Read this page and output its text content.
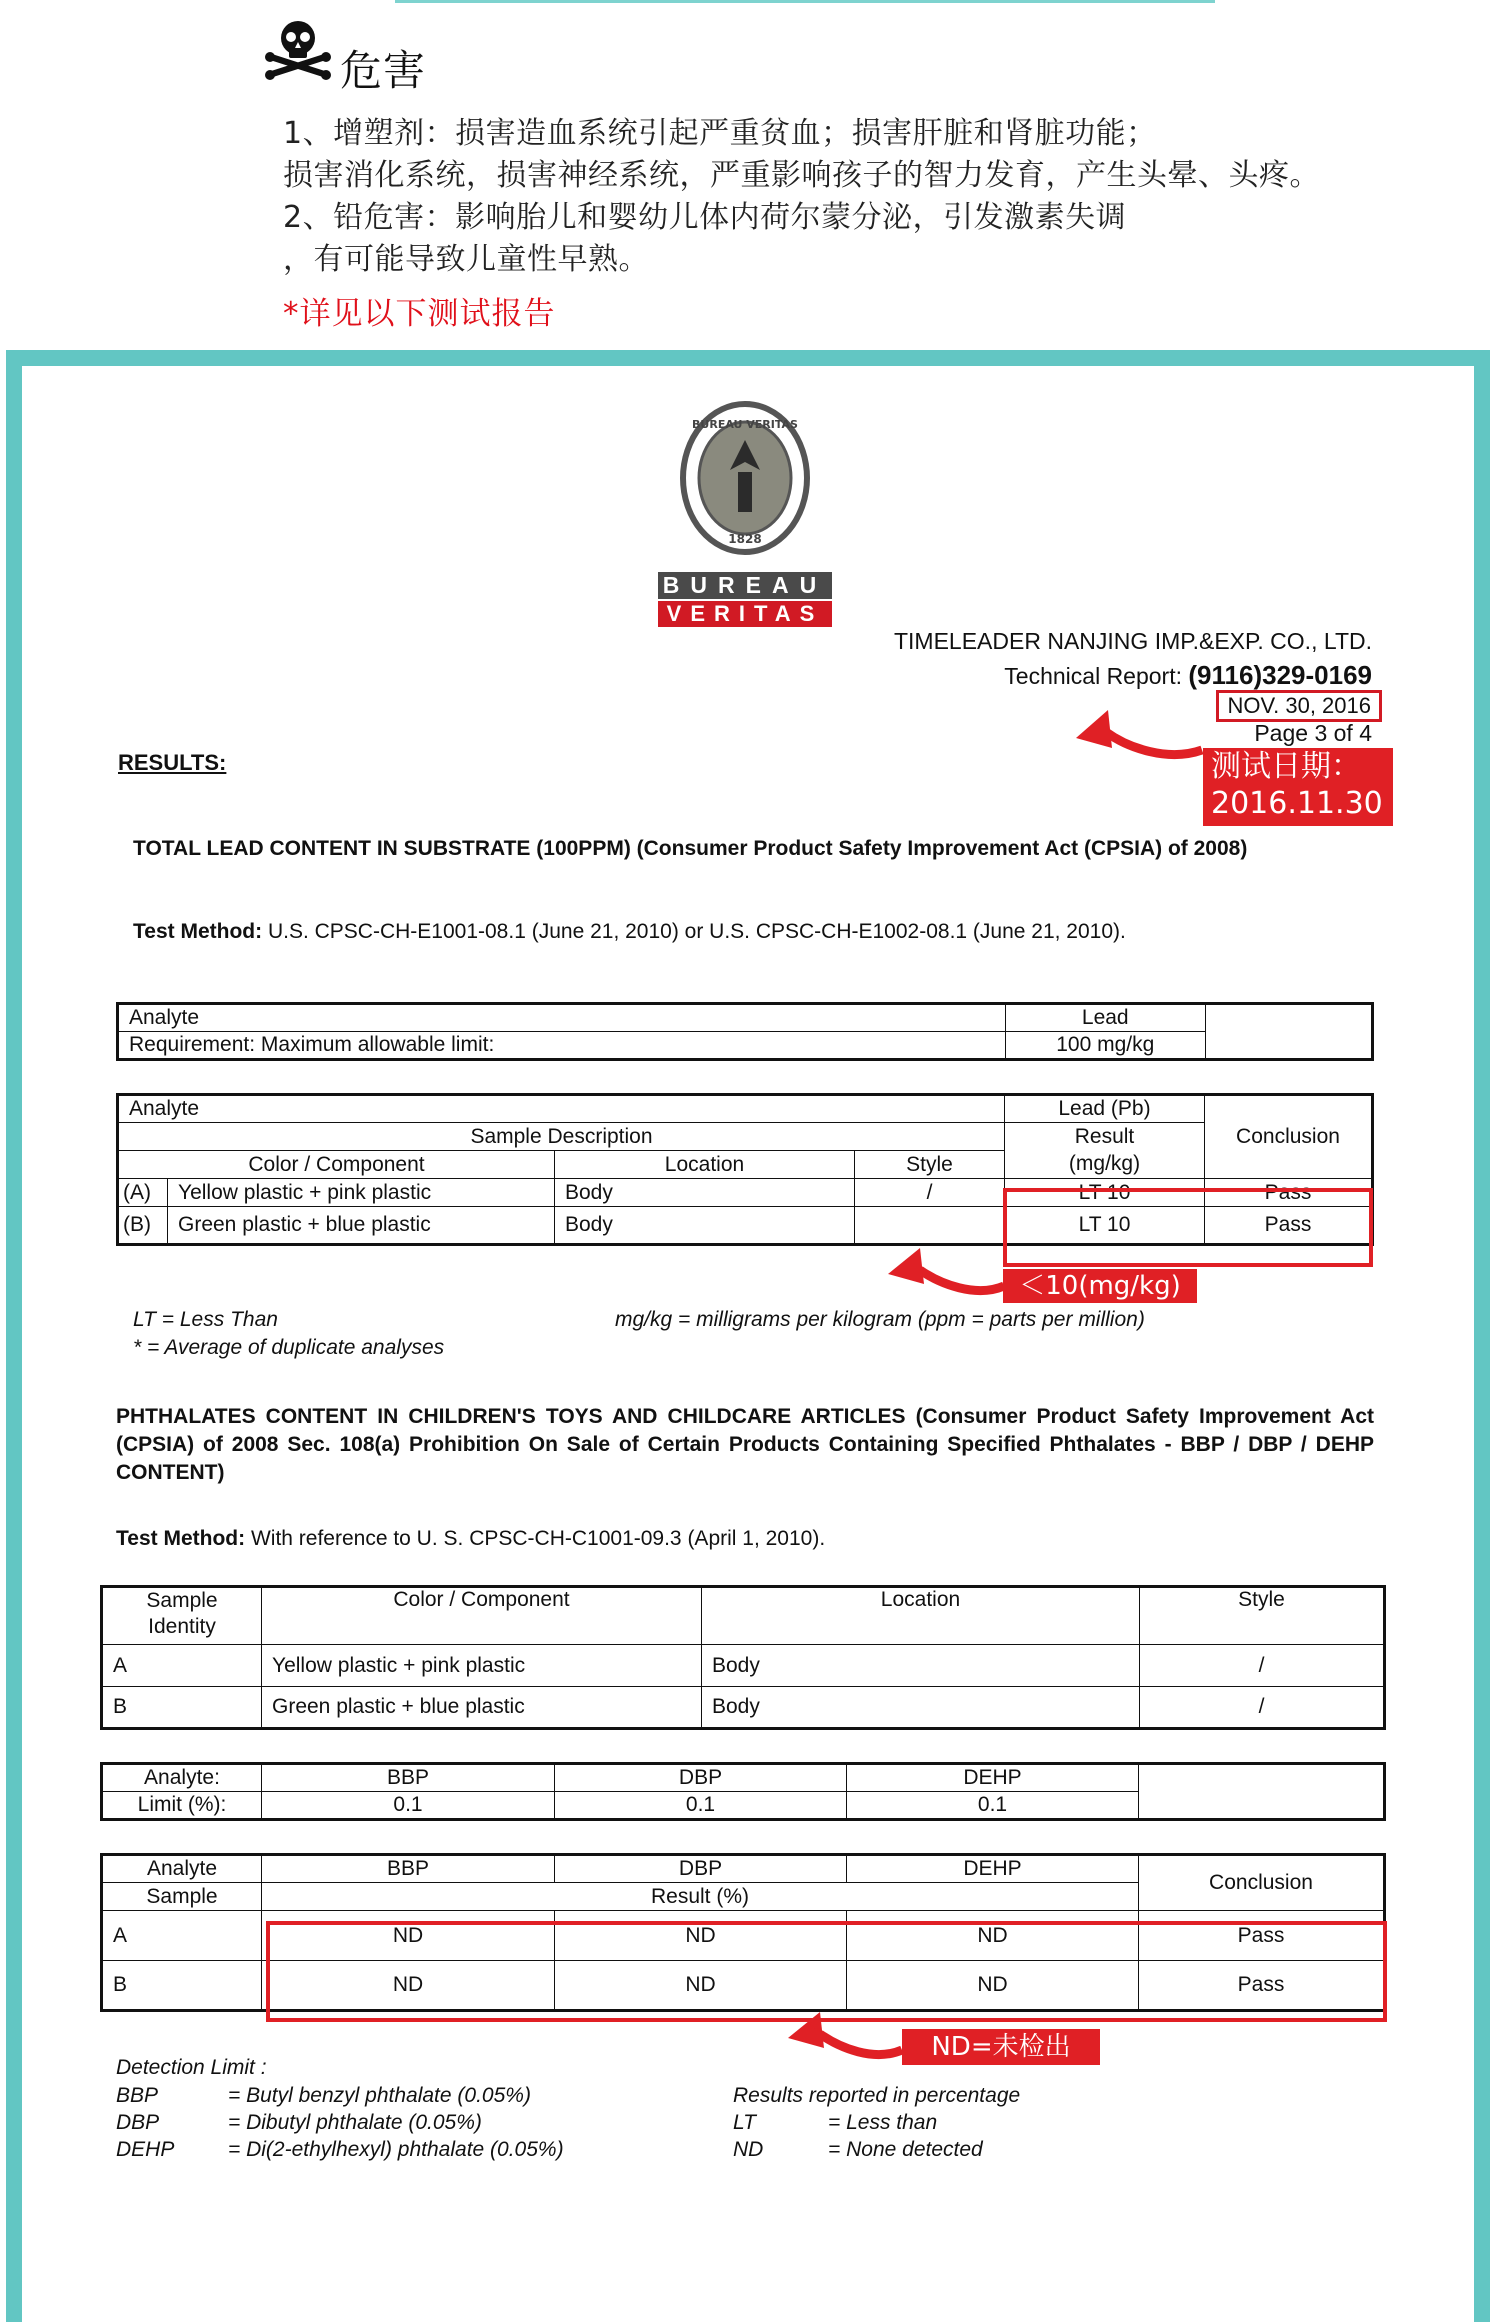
危害
1、增塑剂：损害造血系统引起严重贫血；损害肝脏和肾脏功能；
损害消化系统，损害神经系统，严重影响孩子的智力发育，产生头晕、头疼。
2、铅危害：影响胎儿和婴幼儿体内荷尔蒙分泌，引发激素失调
，有可能导致儿童性早熟。
*详见以下测试报告
BUREAU VERITAS
1828
BUREAU
VERITAS
TIMELEADER NANJING IMP.&EXP. CO., LTD.
Technical Report: (9116)329-0169
NOV. 30, 2016
Page 3 of 4
RESULTS:	测试日期：
2016.11.30
TOTAL LEAD CONTENT IN SUBSTRATE (100PPM) (Consumer Product Safety Improvement Act (CPSIA) of 2008)
Test Method: U.S. CPSC-CH-E1001-08.1 (June 21, 2010) or U.S. CPSC-CH-E1002-08.1 (June 21, 2010).
Analyte	Lead	
Requirement: Maximum allowable limit:	100 mg/kg	
Analyte				Lead (Pb)	Conclusion
Sample Description				Result	
Color / Component		Location	Style	(mg/kg)	
(A)	Yellow plastic + pink plastic	Body	/	LT 10	Pass
(B)	Green plastic + blue plastic	Body		LT 10	Pass
LT = Less Than
* = Average of duplicate analyses
mg/kg = milligrams per kilogram (ppm = parts per million)
＜10(mg/kg)
PHTHALATES CONTENT IN CHILDREN'S TOYS AND CHILDCARE ARTICLES (Consumer Product Safety Improvement Act (CPSIA) of 2008 Sec. 108(a) Prohibition On Sale of Certain Products Containing Specified Phthalates - BBP / DBP / DEHP CONTENT)
Test Method: With reference to U. S. CPSC-CH-C1001-09.3 (April 1, 2010).
Sample Identity	Color / Component	Location	Style
A	Yellow plastic + pink plastic	Body	/
B	Green plastic + blue plastic	Body	/
Analyte:	BBP	DBP	DEHP	
Limit (%):	0.1	0.1	0.1	
Analyte	BBP	DBP	DEHP	Conclusion
Sample	Result (%)			
A	ND	ND	ND	Pass
B	ND	ND	ND	Pass
ND=未检出
Detection Limit :
BBP	= Butyl benzyl phthalate (0.05%)
DBP	= Dibutyl phthalate (0.05%)
DEHP	= Di(2-ethylhexyl) phthalate (0.05%)
Results reported in percentage
LT	= Less than
ND	= None detected
